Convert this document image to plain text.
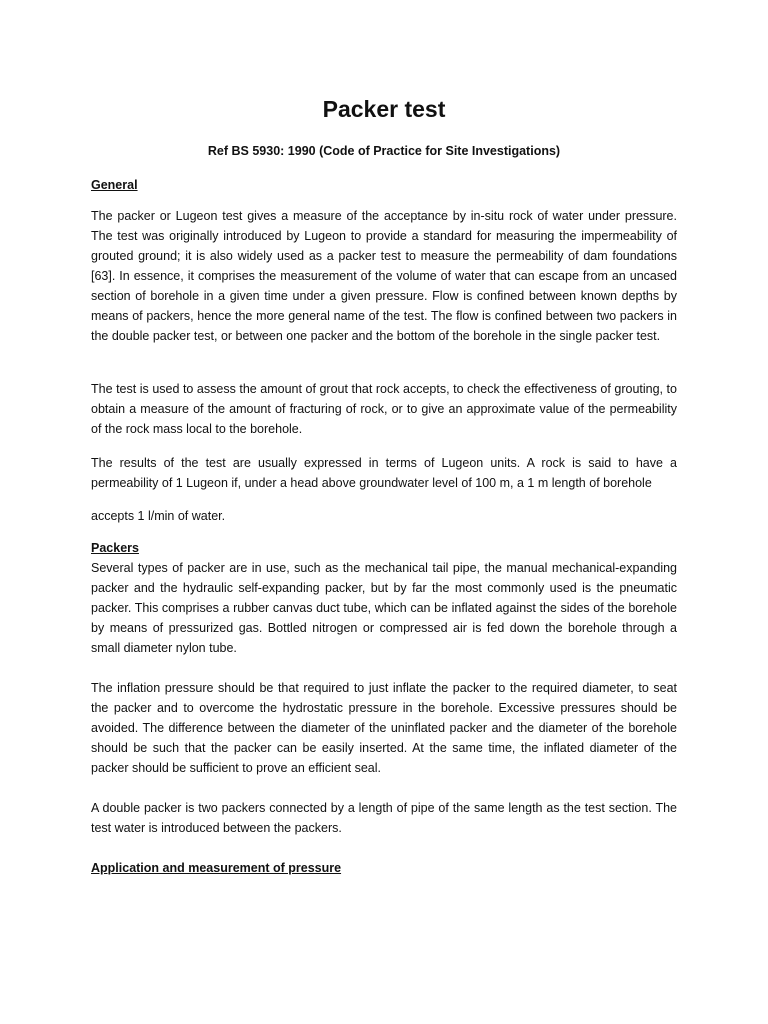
Packer test

Ref BS 5930: 1990 (Code of Practice for Site Investigations)

General

The packer or Lugeon test gives a measure of the acceptance by in-situ rock of water under pressure. The test was originally introduced by Lugeon to provide a standard for measuring the impermeability of grouted ground; it is also widely used as a packer test to measure the permeability of dam foundations [63]. In essence, it comprises the measurement of the volume of water that can escape from an uncased section of borehole in a given time under a given pressure. Flow is confined between known depths by means of packers, hence the more general name of the test. The flow is confined between two packers in the double packer test, or between one packer and the bottom of the borehole in the single packer test.

The test is used to assess the amount of grout that rock accepts, to check the effectiveness of grouting, to obtain a measure of the amount of fracturing of rock, or to give an approximate value of the permeability of the rock mass local to the borehole.

The results of the test are usually expressed in terms of Lugeon units. A rock is said to have a permeability of 1 Lugeon if, under a head above groundwater level of 100 m, a 1 m length of borehole

accepts 1 l/min of water.

Packers

Several types of packer are in use, such as the mechanical tail pipe, the manual mechanical-expanding packer and the hydraulic self-expanding packer, but by far the most commonly used is the pneumatic packer. This comprises a rubber canvas duct tube, which can be inflated against the sides of the borehole by means of pressurized gas. Bottled nitrogen or compressed air is fed down the borehole through a small diameter nylon tube.

The inflation pressure should be that required to just inflate the packer to the required diameter, to seat the packer and to overcome the hydrostatic pressure in the borehole. Excessive pressures should be avoided. The difference between the diameter of the uninflated packer and the diameter of the borehole should be such that the packer can be easily inserted. At the same time, the inflated diameter of the packer should be sufficient to prove an efficient seal.

A double packer is two packers connected by a length of pipe of the same length as the test section. The test water is introduced between the packers.

Application and measurement of pressure
